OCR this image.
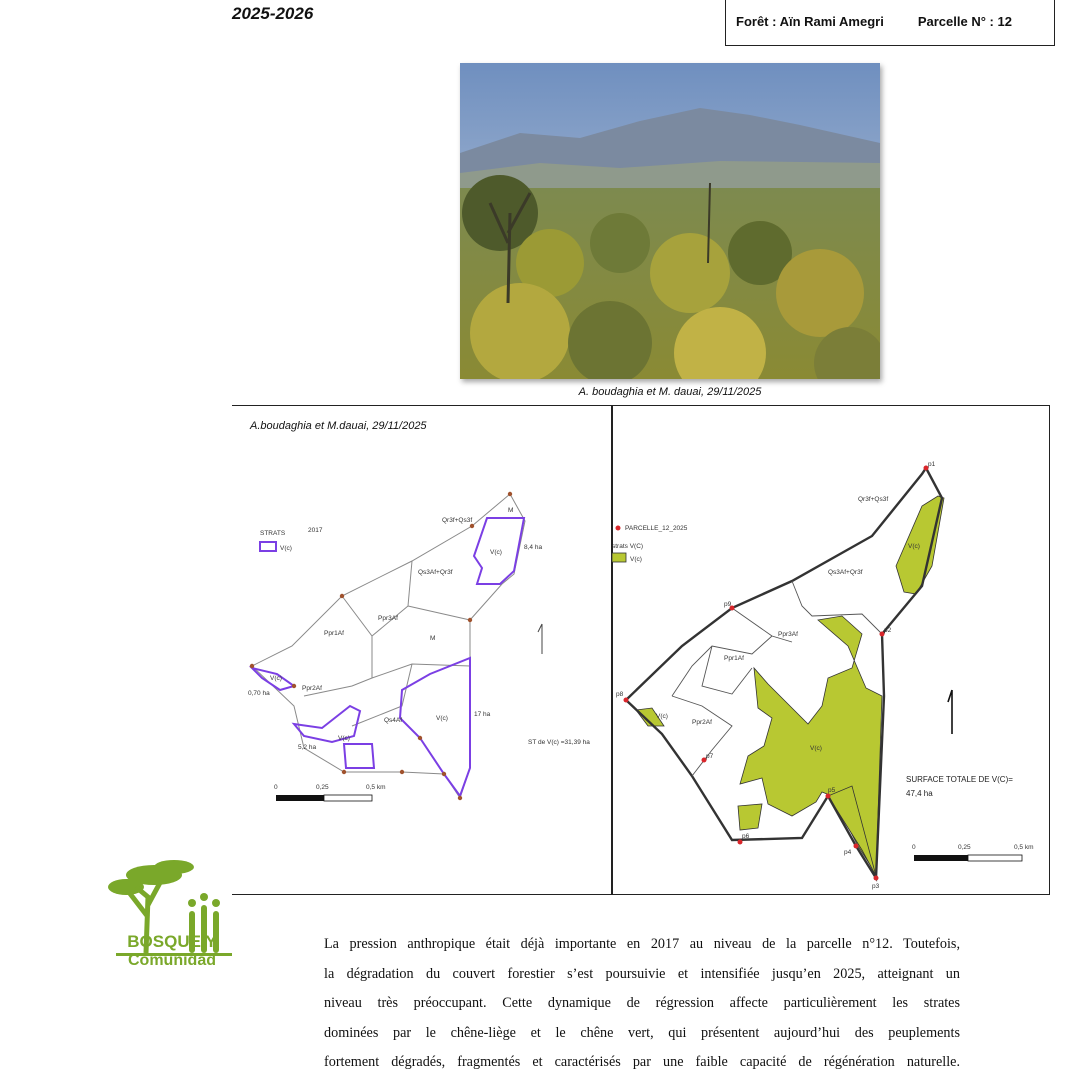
2025-2026	Forêt : Aïn Rami Amegri	Parcelle N° : 12
A. boudaghia et M. dauai, 29/11/2025
A.boudaghia et M.dauai, 29/11/2025
STRATS	2017
V(c)
Qr3f+Qs3f
M
V(c)
Qs3Af+Qr3f
Ppr1Af
Ppr2Af
V(c)
V(c)
Qs4Af	V(c)
Ppr3Af
M
8,4 ha
0,70 ha
5,2 ha
17 ha
ST de V(c) =31,39 ha
0	0,25	0,5 km
PARCELLE_12_2025
strats V(C)
V(c)
p1
p2
p3
p4
p5
p6
p7
p8
p9
Qr3f+Qs3f
V(c)
Qs3Af+Qr3f
Ppr1Af
Ppr2Af
V(c)
V(c)
Ppr3Af
SURFACE TOTALE DE V(C)=
47,4 ha
0	0,25	0,5 km
BOSQUE Y
Comunidad
La pression anthropique était déjà importante en 2017 au niveau de la parcelle n°12. Toutefois,
la dégradation du couvert forestier s’est poursuivie et intensifiée jusqu’en 2025, atteignant un
niveau très préoccupant. Cette dynamique de régression affecte particulièrement les strates
dominées par le chêne-liège et le chêne vert, qui présentent aujourd’hui des peuplements
fortement dégradés, fragmentés et caractérisés par une faible capacité de régénération naturelle.
